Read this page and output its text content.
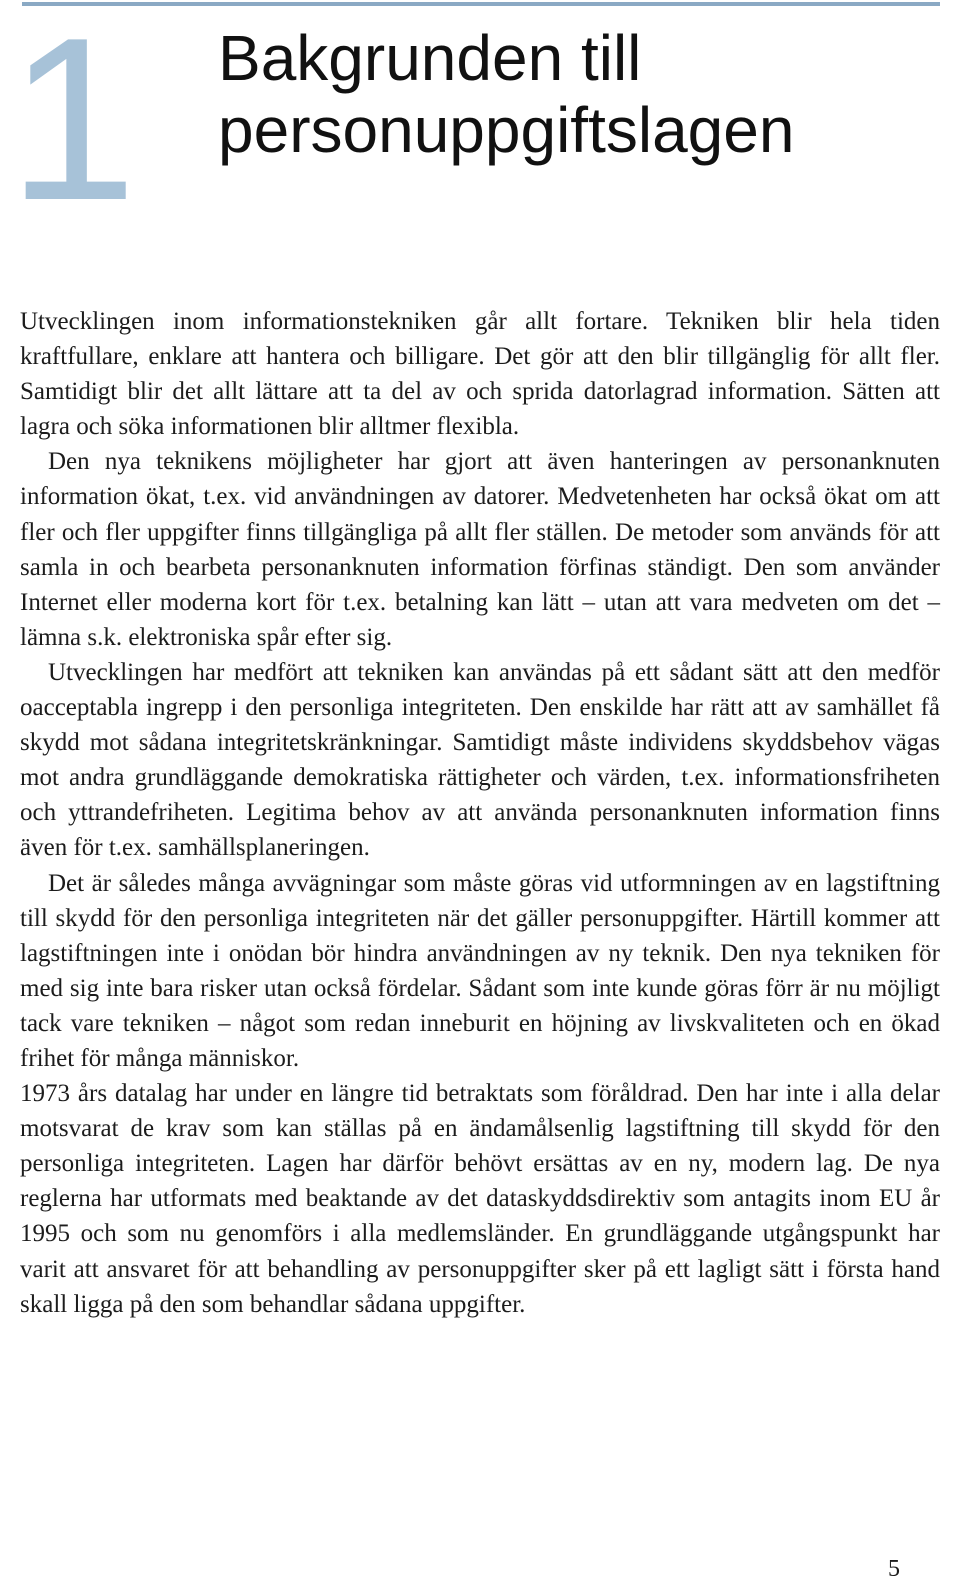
1 Bakgrunden till
personuppgiftslagen

Utvecklingen inom informationstekniken går allt fortare. Tekniken blir hela tiden kraftfullare, enklare att hantera och billigare. Det gör att den blir tillgänglig för allt fler. Samtidigt blir det allt lättare att ta del av och sprida datorlagrad information. Sätten att lagra och söka informationen blir alltmer flexibla.

Den nya teknikens möjligheter har gjort att även hanteringen av personanknuten information ökat, t.ex. vid användningen av datorer. Medvetenheten har också ökat om att fler och fler uppgifter finns tillgängliga på allt fler ställen. De metoder som används för att samla in och bearbeta personanknuten information förfinas ständigt. Den som använder Internet eller moderna kort för t.ex. betalning kan lätt – utan att vara medveten om det – lämna s.k. elektroniska spår efter sig.

Utvecklingen har medfört att tekniken kan användas på ett sådant sätt att den medför oacceptabla ingrepp i den personliga integriteten. Den enskilde har rätt att av samhället få skydd mot sådana integritetskränkningar. Samtidigt måste individens skyddsbehov vägas mot andra grundläggande demokratiska rättigheter och värden, t.ex. informationsfriheten och yttrandefriheten. Legitima behov av att använda personanknuten information finns även för t.ex. samhällsplaneringen.

Det är således många avvägningar som måste göras vid utformningen av en lagstiftning till skydd för den personliga integriteten när det gäller personuppgifter. Härtill kommer att lagstiftningen inte i onödan bör hindra användningen av ny teknik. Den nya tekniken för med sig inte bara risker utan också fördelar. Sådant som inte kunde göras förr är nu möjligt tack vare tekniken – något som redan inneburit en höjning av livskvaliteten och en ökad frihet för många människor.

1973 års datalag har under en längre tid betraktats som föråldrad. Den har inte i alla delar motsvarat de krav som kan ställas på en ändamålsenlig lagstiftning till skydd för den personliga integriteten. Lagen har därför behövt ersättas av en ny, modern lag. De nya reglerna har utformats med beaktande av det dataskyddsdirektiv som antagits inom EU år 1995 och som nu genomförs i alla medlemsländer. En grundläggande utgångspunkt har varit att ansvaret för att behandling av personuppgifter sker på ett lagligt sätt i första hand skall ligga på den som behandlar sådana uppgifter.

5
